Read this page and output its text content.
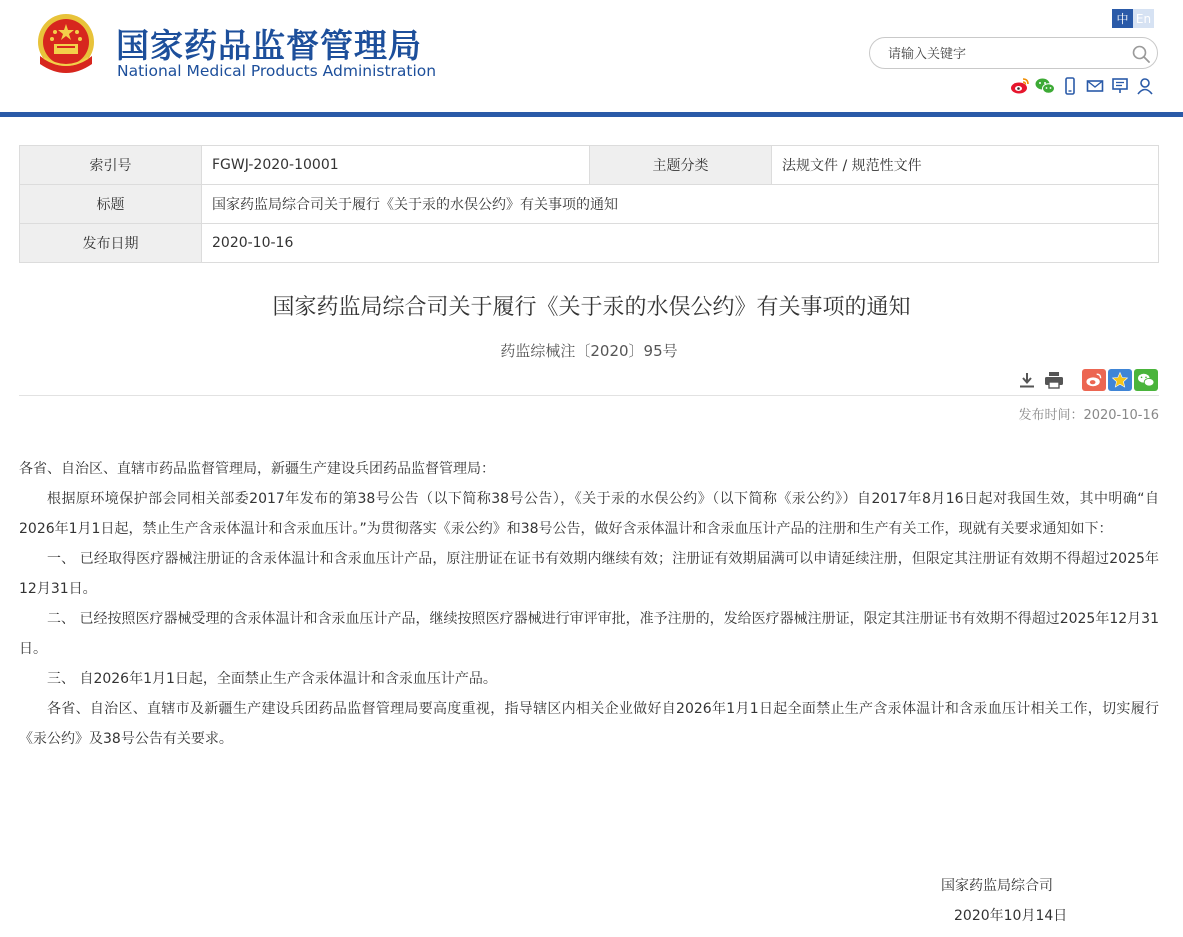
国家药品监督管理局
National Medical Products Administration
中 En
请输入关键字
索引号	FGWJ-2020-10001	主题分类	法规文件 / 规范性文件
标题	国家药监局综合司关于履行《关于汞的水俣公约》有关事项的通知		
发布日期	2020-10-16		
国家药监局综合司关于履行《关于汞的水俣公约》有关事项的通知
药监综械注〔2020〕95号
发布时间：2020-10-16

各省、自治区、直辖市药品监督管理局，新疆生产建设兵团药品监督管理局：

根据原环境保护部会同相关部委2017年发布的第38号公告（以下简称38号公告），《关于汞的水俣公约》（以下简称《汞公约》）自2017年8月16日起对我国生效，其中明确“自2026年1月1日起，禁止生产含汞体温计和含汞血压计。”为贯彻落实《汞公约》和38号公告，做好含汞体温计和含汞血压计产品的注册和生产有关工作，现就有关要求通知如下：

一、 已经取得医疗器械注册证的含汞体温计和含汞血压计产品，原注册证在证书有效期内继续有效；注册证有效期届满可以申请延续注册，但限定其注册证有效期不得超过2025年12月31日。

二、 已经按照医疗器械受理的含汞体温计和含汞血压计产品，继续按照医疗器械进行审评审批，准予注册的，发给医疗器械注册证，限定其注册证书有效期不得超过2025年12月31日。

三、 自2026年1月1日起，全面禁止生产含汞体温计和含汞血压计产品。

各省、自治区、直辖市及新疆生产建设兵团药品监督管理局要高度重视，指导辖区内相关企业做好自2026年1月1日起全面禁止生产含汞体温计和含汞血压计相关工作，切实履行《汞公约》及38号公告有关要求。

国家药监局综合司
2020年10月14日
